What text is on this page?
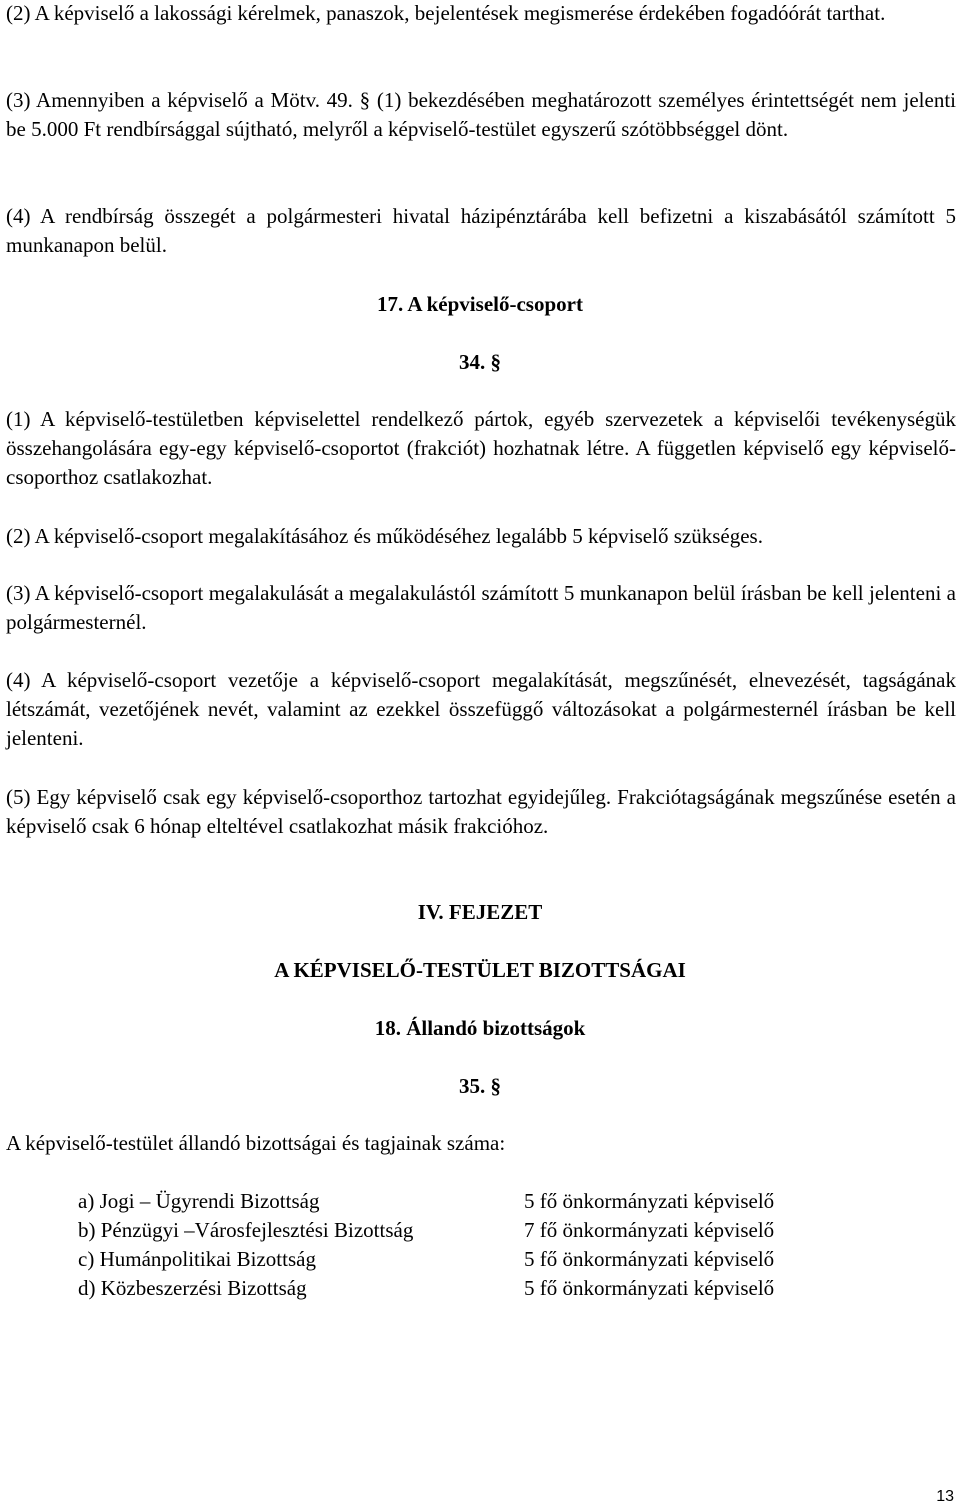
(2) A képviselő a lakossági kérelmek, panaszok, bejelentések megismerése érdekében fogadóórát tarthat.

(3) Amennyiben a képviselő a Mötv. 49. § (1) bekezdésében meghatározott személyes érintettségét nem jelenti be 5.000 Ft rendbírsággal sújtható, melyről a képviselő-testület egyszerű szótöbbséggel dönt.

(4) A rendbírság összegét a polgármesteri hivatal házipénztárába kell befizetni a kiszabásától számított 5 munkanapon belül.

17. A képviselő-csoport

34. §

(1) A képviselő-testületben képviselettel rendelkező pártok, egyéb szervezetek a képviselői tevékenységük összehangolására egy-egy képviselő-csoportot (frakciót) hozhatnak létre. A független képviselő egy képviselő-csoporthoz csatlakozhat.

(2) A képviselő-csoport megalakításához és működéséhez legalább 5 képviselő szükséges.

(3) A képviselő-csoport megalakulását a megalakulástól számított 5 munkanapon belül írásban be kell jelenteni a polgármesternél.

(4) A képviselő-csoport vezetője a képviselő-csoport megalakítását, megszűnését, elnevezését, tagságának létszámát, vezetőjének nevét, valamint az ezekkel összefüggő változásokat a polgármesternél írásban be kell jelenteni.

(5) Egy képviselő csak egy képviselő-csoporthoz tartozhat egyidejűleg. Frakciótagságának megszűnése esetén a képviselő csak 6 hónap elteltével csatlakozhat másik frakcióhoz.

IV. FEJEZET

A KÉPVISELŐ-TESTÜLET BIZOTTSÁGAI

18. Állandó bizottságok

35. §

A képviselő-testület állandó bizottságai és tagjainak száma:

a) Jogi – Ügyrendi Bizottság	5 fő önkormányzati képviselő
b) Pénzügyi –Városfejlesztési Bizottság	7 fő önkormányzati képviselő
c) Humánpolitikai Bizottság	5 fő önkormányzati képviselő
d) Közbeszerzési Bizottság	5 fő önkormányzati képviselő
13
